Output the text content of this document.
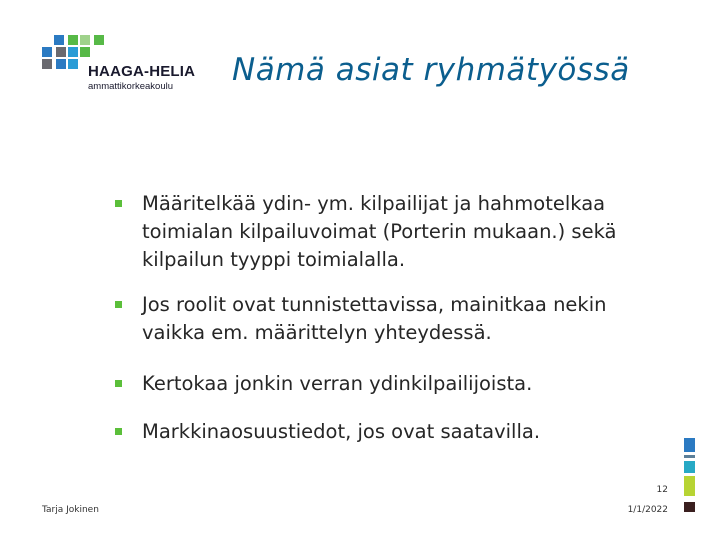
HAAGA-HELIA
ammattikorkeakoulu Nämä asiat ryhmätyössä
Määritelkää ydin- ym. kilpailijat ja hahmotelkaa toimialan kilpailuvoimat (Porterin mukaan.) sekä kilpailun tyyppi toimialalla.
Jos roolit ovat tunnistettavissa, mainitkaa nekin vaikka em. määrittelyn yhteydessä.
Kertokaa jonkin verran ydinkilpailijoista.
Markkinaosuustiedot, jos ovat saatavilla.
Tarja Jokinen
12
1/1/2022
